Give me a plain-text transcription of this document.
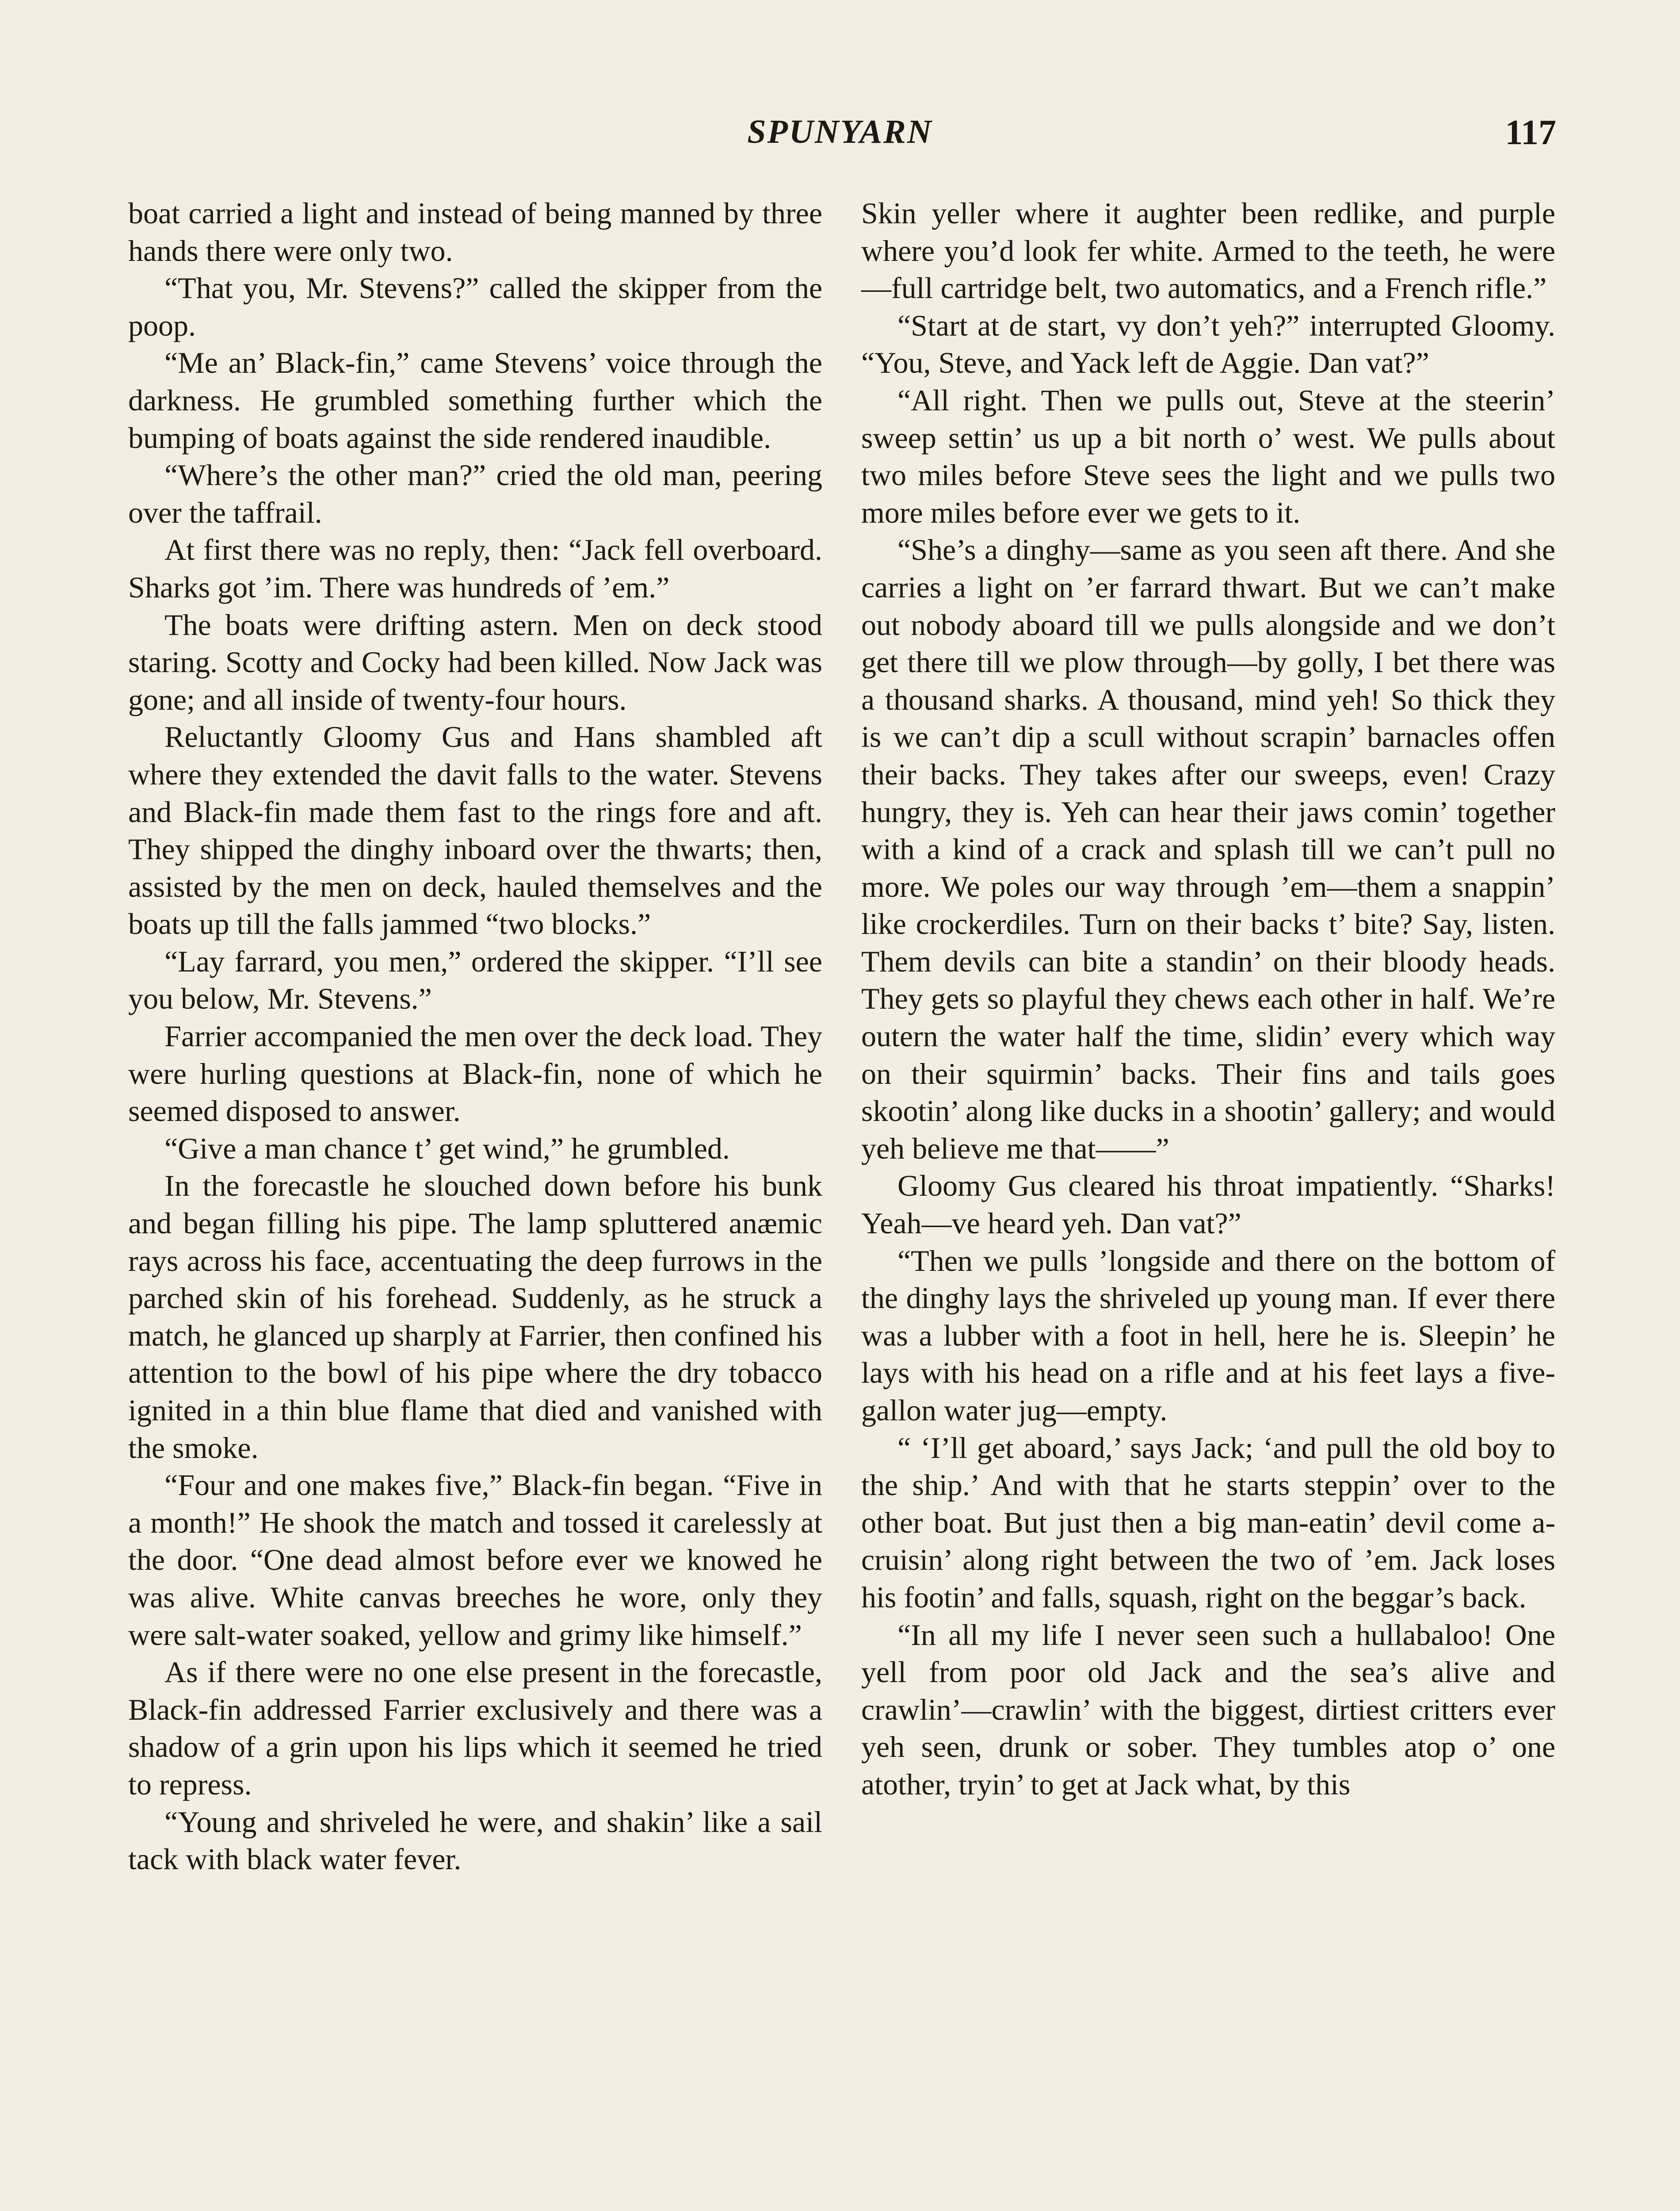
SPUNYARN	117

boat carried a light and instead of being manned by three hands there were only two.

“That you, Mr. Stevens?” called the skipper from the poop.

“Me an’ Black-fin,” came Stevens’ voice through the darkness. He grumbled something further which the bumping of boats against the side rendered inaudible.

“Where’s the other man?” cried the old man, peering over the taffrail.

At first there was no reply, then: “Jack fell overboard. Sharks got ’im. There was hundreds of ’em.”

The boats were drifting astern. Men on deck stood staring. Scotty and Cocky had been killed. Now Jack was gone; and all inside of twenty-four hours.

Reluctantly Gloomy Gus and Hans shambled aft where they extended the davit falls to the water. Stevens and Black-fin made them fast to the rings fore and aft. They shipped the dinghy inboard over the thwarts; then, assisted by the men on deck, hauled themselves and the boats up till the falls jammed “two blocks.”

“Lay farrard, you men,” ordered the skipper. “I’ll see you below, Mr. Stevens.”

Farrier accompanied the men over the deck load. They were hurling questions at Black-fin, none of which he seemed disposed to answer.

“Give a man chance t’ get wind,” he grumbled.

In the forecastle he slouched down before his bunk and began filling his pipe. The lamp spluttered anæmic rays across his face, accentuating the deep furrows in the parched skin of his forehead. Suddenly, as he struck a match, he glanced up sharply at Farrier, then confined his attention to the bowl of his pipe where the dry tobacco ignited in a thin blue flame that died and vanished with the smoke.

“Four and one makes five,” Black-fin began. “Five in a month!” He shook the match and tossed it carelessly at the door. “One dead almost before ever we knowed he was alive. White canvas breeches he wore, only they were salt-water soaked, yellow and grimy like himself.”

As if there were no one else present in the forecastle, Black-fin addressed Farrier exclusively and there was a shadow of a grin upon his lips which it seemed he tried to repress.

“Young and shriveled he were, and shakin’ like a sail tack with black water fever.

Skin yeller where it aughter been redlike, and purple where you’d look fer white. Armed to the teeth, he were—full cartridge belt, two automatics, and a French rifle.”

“Start at de start, vy don’t yeh?” interrupted Gloomy. “You, Steve, and Yack left de Aggie. Dan vat?”

“All right. Then we pulls out, Steve at the steerin’ sweep settin’ us up a bit north o’ west. We pulls about two miles before Steve sees the light and we pulls two more miles before ever we gets to it.

“She’s a dinghy—same as you seen aft there. And she carries a light on ’er farrard thwart. But we can’t make out nobody aboard till we pulls alongside and we don’t get there till we plow through—by golly, I bet there was a thousand sharks. A thousand, mind yeh! So thick they is we can’t dip a scull without scrapin’ barnacles offen their backs. They takes after our sweeps, even! Crazy hungry, they is. Yeh can hear their jaws comin’ together with a kind of a crack and splash till we can’t pull no more. We poles our way through ’em—them a snappin’ like crockerdiles. Turn on their backs t’ bite? Say, listen. Them devils can bite a standin’ on their bloody heads. They gets so playful they chews each other in half. We’re outern the water half the time, slidin’ every which way on their squirmin’ backs. Their fins and tails goes skootin’ along like ducks in a shootin’ gallery; and would yeh believe me that——”

Gloomy Gus cleared his throat impatiently. “Sharks! Yeah—ve heard yeh. Dan vat?”

“Then we pulls ’longside and there on the bottom of the dinghy lays the shriveled up young man. If ever there was a lubber with a foot in hell, here he is. Sleepin’ he lays with his head on a rifle and at his feet lays a five-gallon water jug—empty.

“ ‘I’ll get aboard,’ says Jack; ‘and pull the old boy to the ship.’ And with that he starts steppin’ over to the other boat. But just then a big man-eatin’ devil come a-cruisin’ along right between the two of ’em. Jack loses his footin’ and falls, squash, right on the beggar’s back.

“In all my life I never seen such a hullabaloo! One yell from poor old Jack and the sea’s alive and crawlin’—crawlin’ with the biggest, dirtiest critters ever yeh seen, drunk or sober. They tumbles atop o’ one atother, tryin’ to get at Jack what, by this
